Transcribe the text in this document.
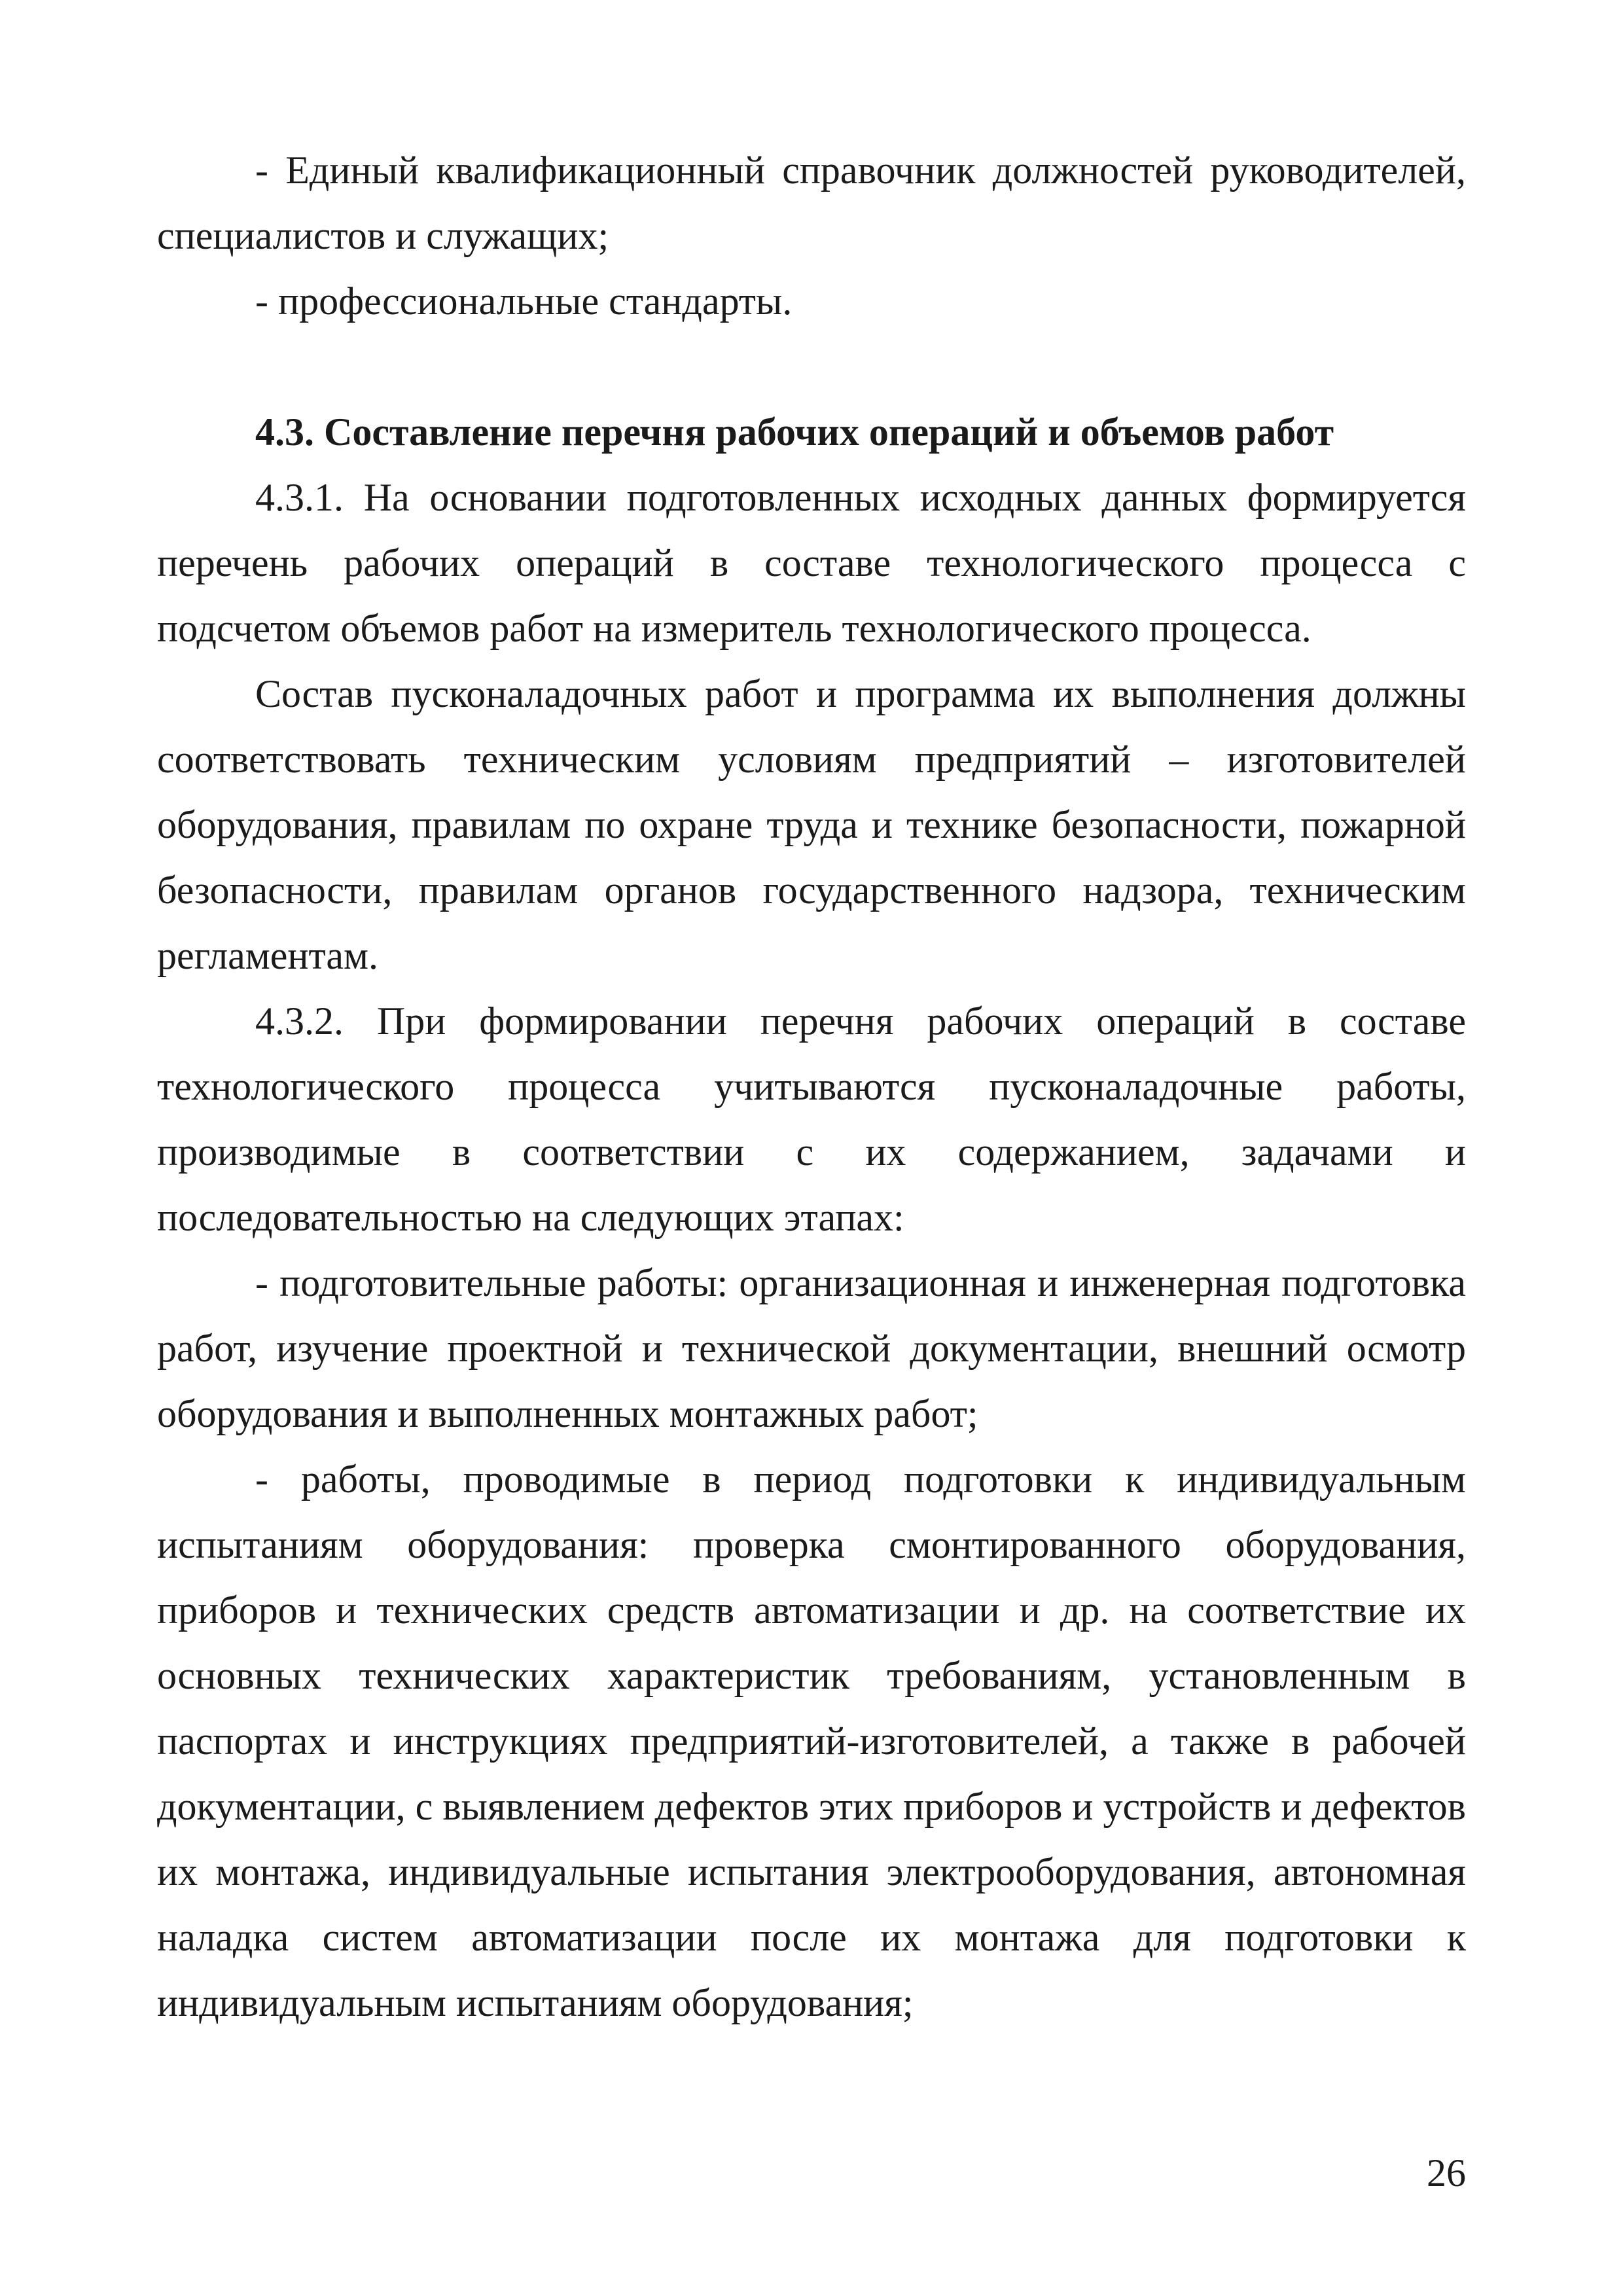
- Единый квалификационный справочник должностей руководителей, специалистов и служащих;

- профессиональные стандарты.

4.3. Составление перечня рабочих операций и объемов работ

4.3.1. На основании подготовленных исходных данных формируется перечень рабочих операций в составе технологического процесса с подсчетом объемов работ на измеритель технологического процесса.

Состав пусконаладочных работ и программа их выполнения должны соответствовать техническим условиям предприятий – изготовителей оборудования, правилам по охране труда и технике безопасности, пожарной безопасности, правилам органов государственного надзора, техническим регламентам.

4.3.2. При формировании перечня рабочих операций в составе технологического процесса учитываются пусконаладочные работы, производимые в соответствии с их содержанием, задачами и последовательностью на следующих этапах:

- подготовительные работы: организационная и инженерная подготовка работ, изучение проектной и технической документации, внешний осмотр оборудования и выполненных монтажных работ;

- работы, проводимые в период подготовки к индивидуальным испытаниям оборудования: проверка смонтированного оборудования, приборов и технических средств автоматизации и др. на соответствие их основных технических характеристик требованиям, установленным в паспортах и инструкциях предприятий-изготовителей, а также в рабочей документации, с выявлением дефектов этих приборов и устройств и дефектов их монтажа, индивидуальные испытания электрооборудования, автономная наладка систем автоматизации после их монтажа для подготовки к индивидуальным испытаниям оборудования;

26
